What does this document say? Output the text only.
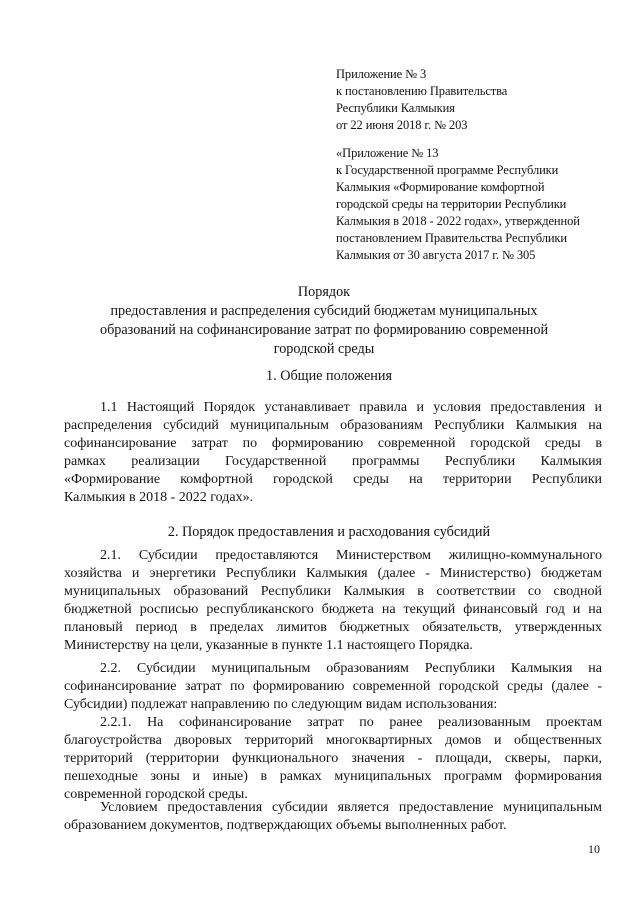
Приложение № 3
к постановлению Правительства
Республики Калмыкия
от 22 июня 2018 г. № 203
«Приложение № 13
к Государственной программе Республики
Калмыкия «Формирование комфортной
городской среды на территории Республики
Калмыкия в 2018 - 2022 годах», утвержденной
постановлением Правительства Республики
Калмыкия от 30 августа 2017 г. № 305
Порядок
предоставления и распределения субсидий бюджетам муниципальных
образований на софинансирование затрат по формированию современной
городской среды
1. Общие положения
1.1 Настоящий Порядок устанавливает правила и условия предоставления и
распределения субсидий муниципальным образованиям Республики Калмыкия на
софинансирование затрат по формированию современной городской среды в
рамках реализации Государственной программы Республики Калмыкия
«Формирование комфортной городской среды на территории Республики
Калмыкия в 2018 - 2022 годах».
2. Порядок предоставления и расходования субсидий
2.1. Субсидии предоставляются Министерством жилищно-коммунального
хозяйства и энергетики Республики Калмыкия (далее - Министерство) бюджетам
муниципальных образований Республики Калмыкия в соответствии со сводной
бюджетной росписью республиканского бюджета на текущий финансовый год и на
плановый период в пределах лимитов бюджетных обязательств, утвержденных
Министерству на цели, указанные в пункте 1.1 настоящего Порядка.
2.2. Субсидии муниципальным образованиям Республики Калмыкия на
софинансирование затрат по формированию современной городской среды (далее -
Субсидии) подлежат направлению по следующим видам использования:
2.2.1. На софинансирование затрат по ранее реализованным проектам
благоустройства дворовых территорий многоквартирных домов и общественных
территорий (территории функционального значения - площади, скверы, парки,
пешеходные зоны и иные) в рамках муниципальных программ формирования
современной городской среды.
Условием предоставления субсидии является предоставление муниципальным
образованием документов, подтверждающих объемы выполненных работ.
10
